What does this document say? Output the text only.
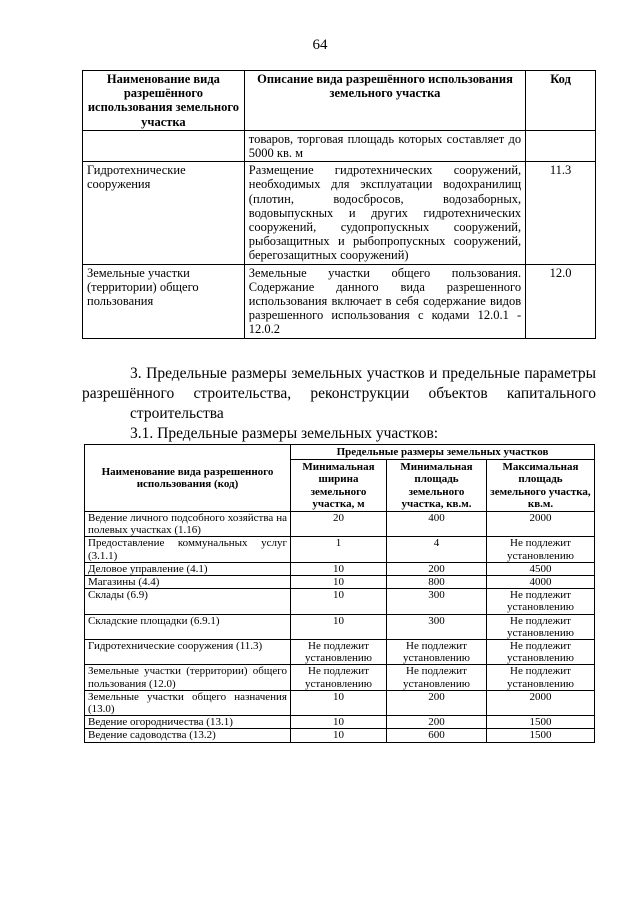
64
Наименование вида разрешённого использования земельного участка	Описание вида разрешённого использования земельного участка	Код
	товаров, торговая площадь которых составляет до 5000 кв. м	
Гидротехнические сооружения	Размещение гидротехнических сооружений, необходимых для эксплуатации водохранилищ (плотин, водосбросов, водозаборных, водовыпускных и других гидротехнических сооружений, судопропускных сооружений, рыбозащитных и рыбопропускных сооружений, берегозащитных сооружений)	11.3
Земельные участки (территории) общего пользования	Земельные участки общего пользования. Содержание данного вида разрешенного использования включает в себя содержание видов разрешенного использования с кодами 12.0.1 - 12.0.2	12.0
3. Предельные размеры земельных участков и предельные параметры
разрешённого строительства, реконструкции объектов капитального
строительства
3.1. Предельные размеры земельных участков:
Наименование вида разрешенного использования (код)	Предельные размеры земельных участков		
	Минимальная ширина земельного участка, м	Минимальная площадь земельного участка, кв.м.	Максимальная площадь земельного участка, кв.м.
Ведение личного подсобного хозяйства на полевых участках (1.16)	20	400	2000
Предоставление коммунальных услуг (3.1.1)	1	4	Не подлежит установлению
Деловое управление (4.1)	10	200	4500
Магазины (4.4)	10	800	4000
Склады (6.9)	10	300	Не подлежит установлению
Складские площадки (6.9.1)	10	300	Не подлежит установлению
Гидротехнические сооружения (11.3)	Не подлежит установлению	Не подлежит установлению	Не подлежит установлению
Земельные участки (территории) общего пользования (12.0)	Не подлежит установлению	Не подлежит установлению	Не подлежит установлению
Земельные участки общего назначения (13.0)	10	200	2000
Ведение огородничества (13.1)	10	200	1500
Ведение садоводства (13.2)	10	600	1500
